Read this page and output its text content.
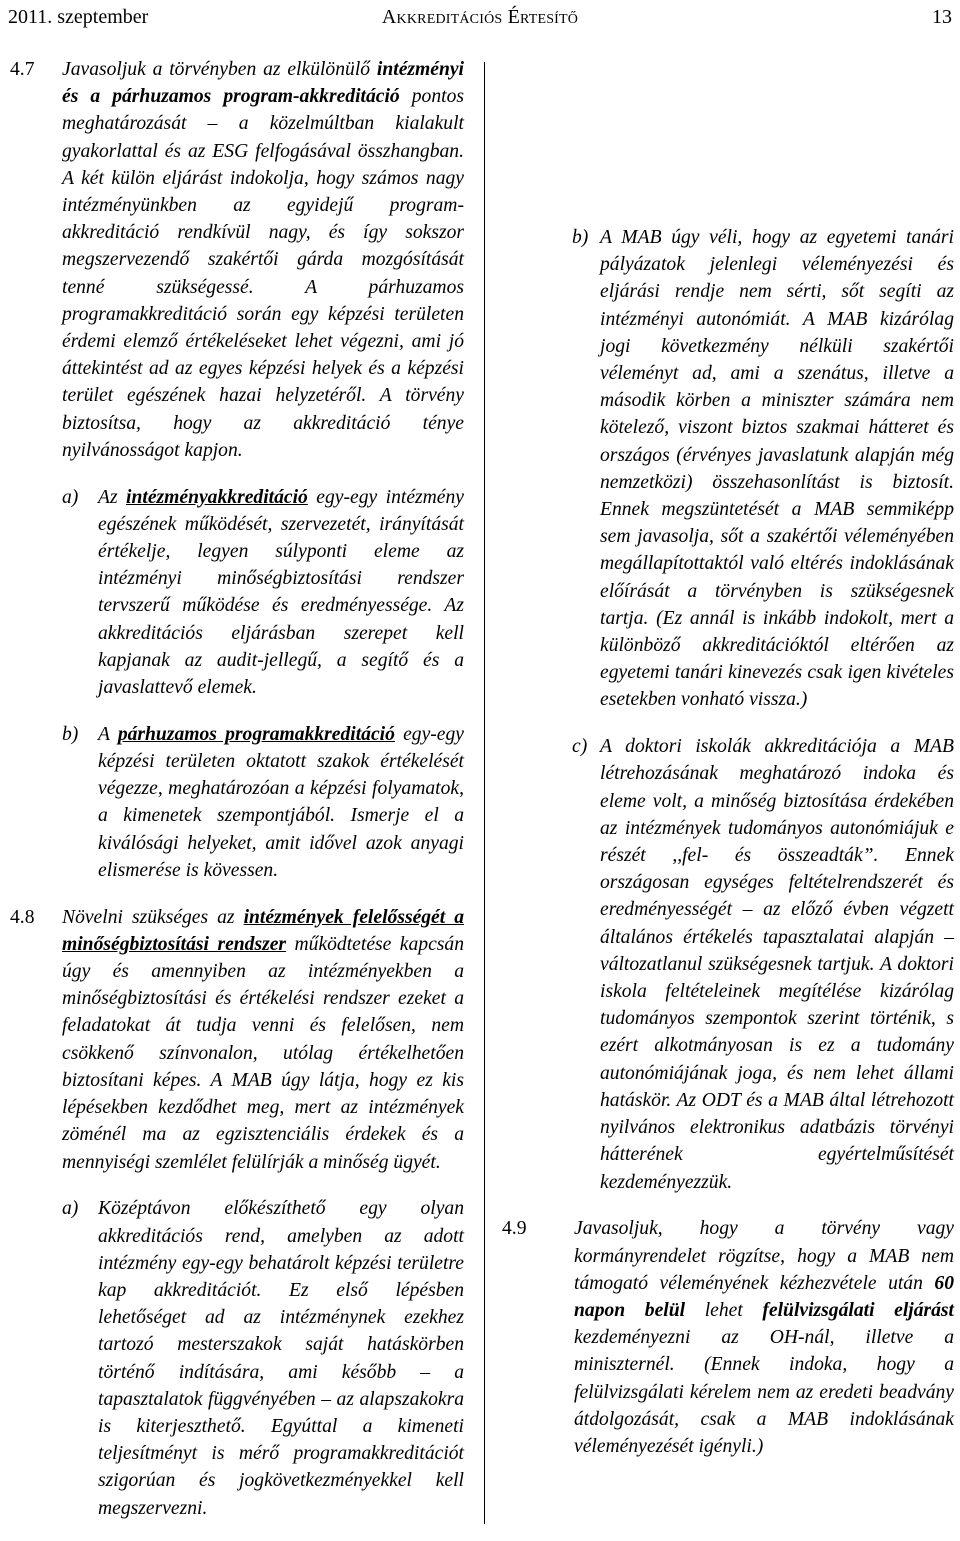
2011. szeptember	Akkreditációs Értesítő	13
4.7 Javasoljuk a törvényben az elkülönülő intézményi és a párhuzamos program-akkreditáció pontos meghatározását – a közelmúltban kialakult gyakorlattal és az ESG felfogásával összhangban. A két külön eljárást indokolja, hogy számos nagy intézményünkben az egyidejű program-akkreditáció rendkívül nagy, és így sokszor megszervezendő szakértői gárda mozgósítását tenné szükségessé. A párhuzamos programakkreditáció során egy képzési területen érdemi elemző értékeléseket lehet végezni, ami jó áttekintést ad az egyes képzési helyek és a képzési terület egészének hazai helyzetéről. A törvény biztosítsa, hogy az akkreditáció ténye nyilvánosságot kapjon.

a) Az intézményakkreditáció egy-egy intézmény egészének működését, szervezetét, irányítását értékelje, legyen súlyponti eleme az intézményi minőségbiztosítási rendszer tervszerű működése és eredményessége. Az akkreditációs eljárásban szerepet kell kapjanak az audit-jellegű, a segítő és a javaslattevő elemek.

b) A párhuzamos programakkreditáció egy-egy képzési területen oktatott szakok értékelését végezze, meghatározóan a képzési folyamatok, a kimenetek szempontjából. Ismerje el a kiválósági helyeket, amit idővel azok anyagi elismerése is kövessen.

4.8 Növelni szükséges az intézmények felelősségét a minőségbiztosítási rendszer működtetése kapcsán úgy és amennyiben az intézményekben a minőségbiztosítási és értékelési rendszer ezeket a feladatokat át tudja venni és felelősen, nem csökkenő színvonalon, utólag értékelhetően biztosítani képes. A MAB úgy látja, hogy ez kis lépésekben kezdődhet meg, mert az intézmények zöménél ma az egzisztenciális érdekek és a mennyiségi szemlélet felülírják a minőség ügyét.

a) Középtávon előkészíthető egy olyan akkreditációs rend, amelyben az adott intézmény egy-egy behatárolt képzési területre kap akkreditációt. Ez első lépésben lehetőséget ad az intézménynek ezekhez tartozó mesterszakok saját hatáskörben történő indítására, ami később – a tapasztalatok függvényében – az alapszakokra is kiterjeszthető. Egyúttal a kimeneti teljesítményt is mérő programakkreditációt szigorúan és jogkövetkezményekkel kell megszervezni.

b) A MAB úgy véli, hogy az egyetemi tanári pályázatok jelenlegi véleményezési és eljárási rendje nem sérti, sőt segíti az intézményi autonómiát. A MAB kizárólag jogi következmény nélküli szakértői véleményt ad, ami a szenátus, illetve a második körben a miniszter számára nem kötelező, viszont biztos szakmai hátteret és országos (érvényes javaslatunk alapján még nemzetközi) összehasonlítást is biztosít. Ennek megszüntetését a MAB semmiképp sem javasolja, sőt a szakértői véleményében megállapítottaktól való eltérés indoklásának előírását a törvényben is szükségesnek tartja. (Ez annál is inkább indokolt, mert a különböző akkreditációktól eltérően az egyetemi tanári kinevezés csak igen kivételes esetekben vonható vissza.)

c) A doktori iskolák akkreditációja a MAB létrehozásának meghatározó indoka és eleme volt, a minőség biztosítása érdekében az intézmények tudományos autonómiájuk e részét ,,fel- és összeadták”. Ennek országosan egységes feltételrendszerét és eredményességét – az előző évben végzett általános értékelés tapasztalatai alapján – változatlanul szükségesnek tartjuk. A doktori iskola feltételeinek megítélése kizárólag tudományos szempontok szerint történik, s ezért alkotmányosan is ez a tudomány autonómiájának joga, és nem lehet állami hatáskör. Az ODT és a MAB által létrehozott nyilvános elektronikus adatbázis törvényi hátterének egyértelműsítését kezdeményezzük.

4.9 Javasoljuk, hogy a törvény vagy kormányrendelet rögzítse, hogy a MAB nem támogató véleményének kézhezvétele után 60 napon belül lehet felülvizsgálati eljárást kezdeményezni az OH-nál, illetve a miniszternél. (Ennek indoka, hogy a felülvizsgálati kérelem nem az eredeti beadvány átdolgozását, csak a MAB indoklásának véleményezését igényli.)
